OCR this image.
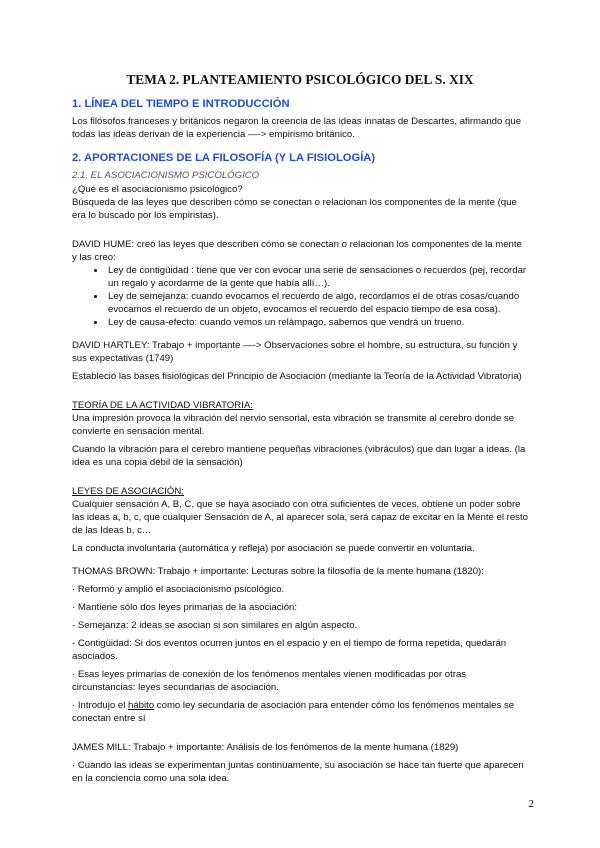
TEMA 2. PLANTEAMIENTO PSICOLÓGICO DEL S. XIX
1. LÍNEA DEL TIEMPO E INTRODUCCIÓN

Los filósofos franceses y británicos negaron la creencia de las ideas innatas de Descartes, afirmando que todas las ideas derivan de la experiencia —-> empirismo británico.

2. APORTACIONES DE LA FILOSOFÍA (Y LA FISIOLOGÍA)
2.1. EL ASOCIACIONISMO PSICOLÓGICO

¿Qué es el asociacionismo psicológico?

Búsqueda de las leyes que describen cómo se conectan o relacionan los componentes de la mente (que era lo buscado por los empiristas).

DAVID HUME: creó las leyes que describen cómo se conectan o relacionan los componentes de la mente y las creo:

• Ley de contigüidad : tiene que ver con evocar una serie de sensaciones o recuerdos (pej, recordar un regalo y acordarme de la gente que había allí…).
• Ley de semejanza: cuando evocamos el recuerdo de algo, recordamos el de otras cosas/cuando evocamos el recuerdo de un objeto, evocamos el recuerdo del espacio tiempo de esa cosa).
• Ley de causa-efecto: cuando vemos un relámpago, sabemos que vendrá un trueno.

DAVID HARTLEY: Trabajo + importante —-> Observaciones sobre el hombre, su estructura, su función y sus expectativas (1749)

Estableció las bases fisiológicas del Principio de Asociación (mediante la Teoría de la Actividad Vibratoria)

TEORÍA DE LA ACTIVIDAD VIBRATORIA:

Una impresión provoca la vibración del nervio sensorial, esta vibración se transmite al cerebro donde se convierte en sensación mental.

Cuando la vibración para el cerebro mantiene pequeñas vibraciones (vibráculos) que dan lugar a ideas. (la idea es una copia débil de la sensación)

LEYES DE ASOCIACIÓN:

Cualquier sensación A, B, C, que se haya asociado con otra suficientes de veces, obtiene un poder sobre las ideas a, b, c, que cualquier Sensación de A, al aparecer sola, será capaz de excitar en la Mente el resto de las Ideas b, c…

La conducta involuntaria (automática y refleja) por asociación se puede convertir en voluntaria.

THOMAS BROWN: Trabajo + importante: Lecturas sobre la filosofía de la mente humana (1820):

· Reformó y amplió el asociacionismo psicológico.

· Mantiene sólo dos leyes primarias de la asociación:

- Semejanza: 2 ideas se asocian si son similares en algún aspecto.

- Contigüidad: Si dos eventos ocurren juntos en el espacio y en el tiempo de forma repetida, quedarán asociados.

· Esas leyes primarias de conexión de los fenómenos mentales vienen modificadas por otras circunstancias: leyes secundarias de asociación.

· Introdujo el hábito como ley secundaria de asociación para entender cómo los fenómenos mentales se conectan entre sí

JAMES MILL: Trabajo + importante: Análisis de los fenómenos de la mente humana (1829)

· Cuando las ideas se experimentan juntas continuamente, su asociación se hace tan fuerte que aparecen en la conciencia como una sola idea.

2
